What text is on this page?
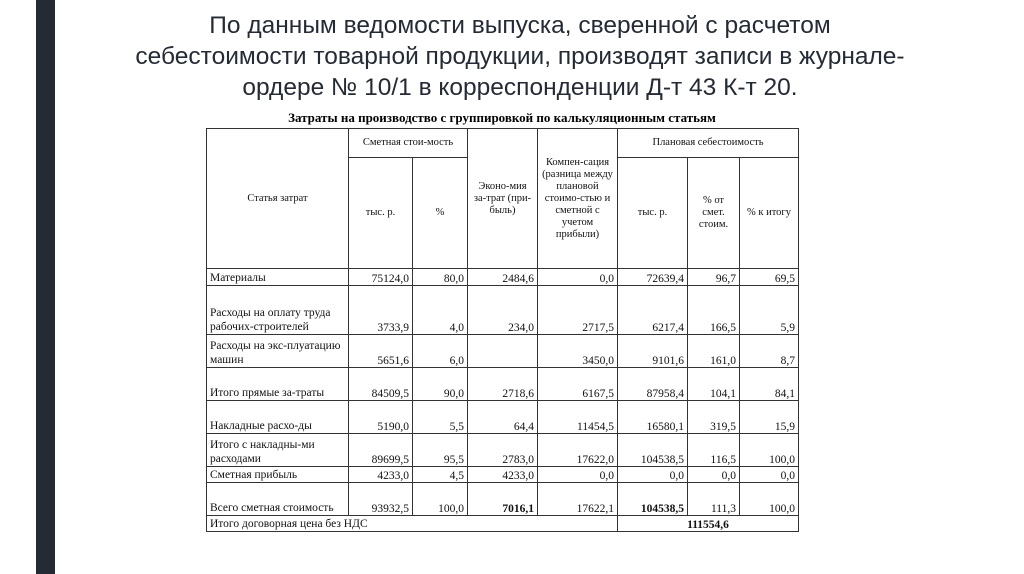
По данным ведомости выпуска, сверенной с расчетом
себестоимости товарной продукции, производят записи в журнале-
ордере № 10/1 в корреспонденции Д-т 43 К-т 20.
Затраты на производство с группировкой по калькуляционным статьям
Статья затрат	Сметная стои-мость		Эконо-мия за-трат (при-быль)	Компен-сация (разница между плановой стоимо-стью и сметной с учетом прибыли)	Плановая себестоимость		
	тыс. р.	%			тыс. р.	% от смет. стоим.	% к итогу
Материалы	75124,0	80,0	2484,6	0,0	72639,4	96,7	69,5
Расходы на оплату труда рабочих-строителей	3733,9	4,0	234,0	2717,5	6217,4	166,5	5,9
Расходы на экс-плуатацию машин	5651,6	6,0		3450,0	9101,6	161,0	8,7
Итого прямые за-траты	84509,5	90,0	2718,6	6167,5	87958,4	104,1	84,1
Накладные расхо-ды	5190,0	5,5	64,4	11454,5	16580,1	319,5	15,9
Итого с накладны-ми расходами	89699,5	95,5	2783,0	17622,0	104538,5	116,5	100,0
Сметная прибыль	4233,0	4,5	4233,0	0,0	0,0	0,0	0,0
Всего сметная стоимость	93932,5	100,0	7016,1	17622,1	104538,5	111,3	100,0
Итого договорная цена без НДС					111554,6		
